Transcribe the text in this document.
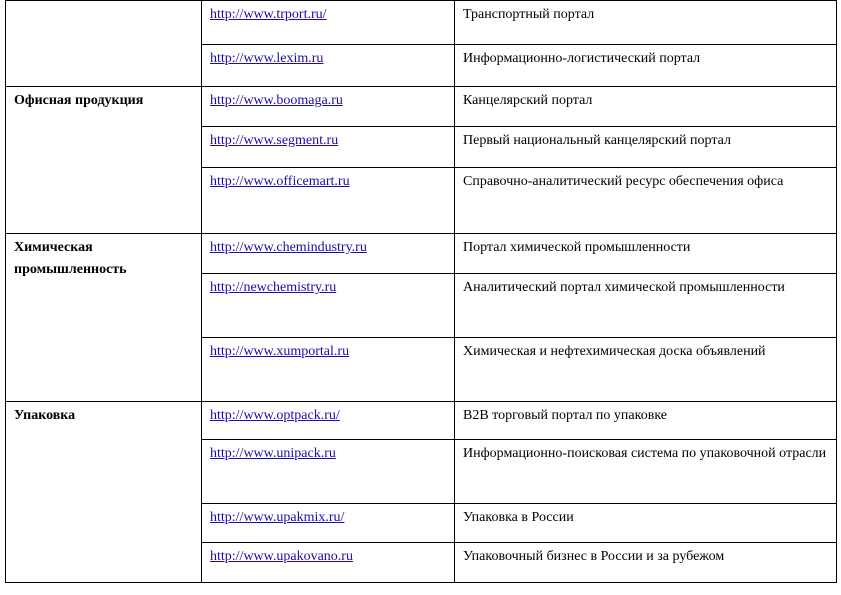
	http://www.trport.ru/	Транспортный портал
	http://www.lexim.ru	Информационно-логистический портал
Офисная продукция	http://www.boomaga.ru	Канцелярский портал
	http://www.segment.ru	Первый национальный канцелярский портал
	http://www.officemart.ru	Справочно-аналитический ресурс обеспечения офиса
Химическая промышленность	http://www.chemindustry.ru	Портал химической промышленности
	http://newchemistry.ru	Аналитический портал химической промышленности
	http://www.xumportal.ru	Химическая и нефтехимическая доска объявлений
Упаковка	http://www.optpack.ru/	B2B торговый портал по упаковке
	http://www.unipack.ru	Информационно-поисковая система по упаковочной отрасли
	http://www.upakmix.ru/	Упаковка в России
	http://www.upakovano.ru	Упаковочный бизнес в России и за рубежом
